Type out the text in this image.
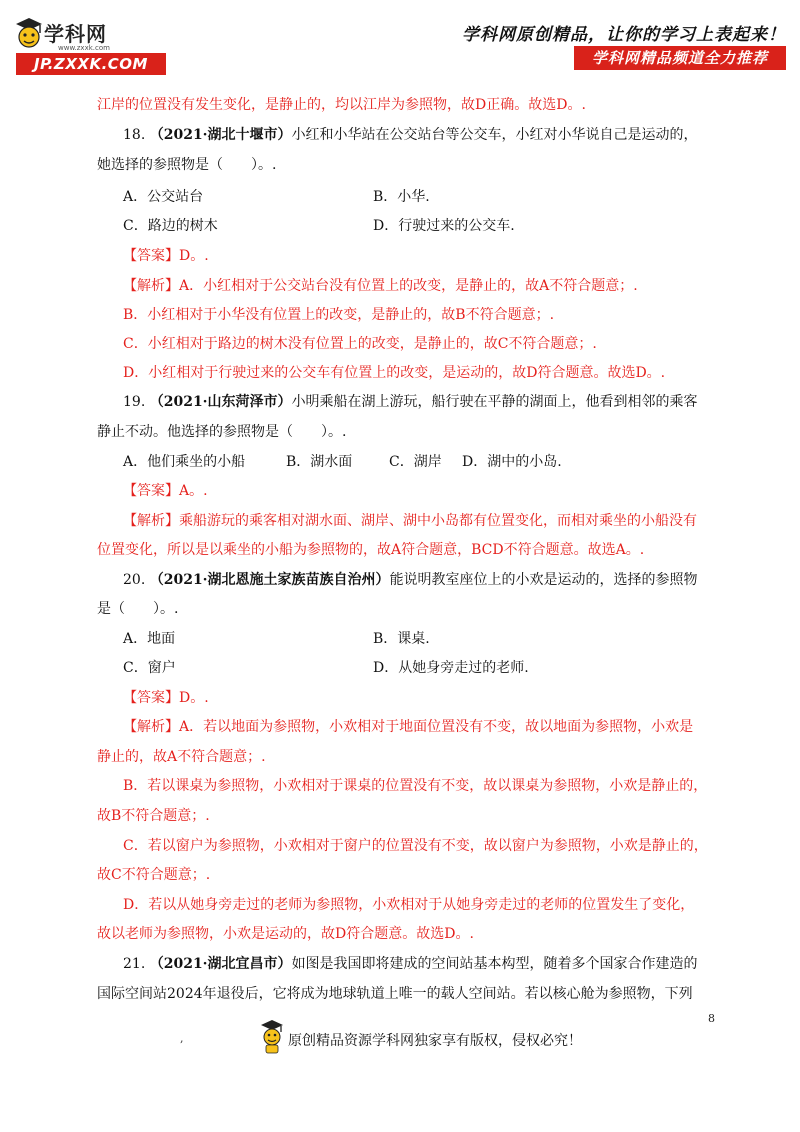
学科网
www.zxxk.com
JP.ZXXK.COM
学科网原创精品，让你的学习上表起来！
学科网精品频道全力推荐
江岸的位置没有发生变化，是静止的，均以江岸为参照物，故D正确。故选D。.
18. （2021·湖北十堰市）小红和小华站在公交站台等公交车，小红对小华说自己是运动的，
她选择的参照物是（　　）。.
A．公交站台	B．小华.
C．路边的树木	D．行驶过来的公交车.
【答案】D。.
【解析】A．小红相对于公交站台没有位置上的改变，是静止的，故A不符合题意；.
B．小红相对于小华没有位置上的改变，是静止的，故B不符合题意；.
C．小红相对于路边的树木没有位置上的改变，是静止的，故C不符合题意；.
D．小红相对于行驶过来的公交车有位置上的改变，是运动的，故D符合题意。故选D。.
19. （2021·山东菏泽市）小明乘船在湖上游玩，船行驶在平静的湖面上，他看到相邻的乘客
静止不动。他选择的参照物是（　　）。.
A．他们乘坐的小船	B．湖水面	C．湖岸 D．湖中的小岛.
【答案】A。.
【解析】乘船游玩的乘客相对湖水面、湖岸、湖中小岛都有位置变化，而相对乘坐的小船没有
位置变化，所以是以乘坐的小船为参照物的，故A符合题意，BCD不符合题意。故选A。.
20. （2021·湖北恩施土家族苗族自治州）能说明教室座位上的小欢是运动的，选择的参照物
是（　　）。.
A．地面	B．课桌.
C．窗户	D．从她身旁走过的老师.
【答案】D。.
【解析】A．若以地面为参照物，小欢相对于地面位置没有不变，故以地面为参照物，小欢是
静止的，故A不符合题意；.
B．若以课桌为参照物，小欢相对于课桌的位置没有不变，故以课桌为参照物，小欢是静止的，
故B不符合题意；.
C．若以窗户为参照物，小欢相对于窗户的位置没有不变，故以窗户为参照物，小欢是静止的，
故C不符合题意；.
D．若以从她身旁走过的老师为参照物，小欢相对于从她身旁走过的老师的位置发生了变化，
故以老师为参照物，小欢是运动的，故D符合题意。故选D。.
21. （2021·湖北宜昌市）如图是我国即将建成的空间站基本构型，随着多个国家合作建造的
国际空间站2024年退役后，它将成为地球轨道上唯一的载人空间站。若以核心舱为参照物，下列
8
,	原创精品资源学科网独家享有版权，侵权必究！
